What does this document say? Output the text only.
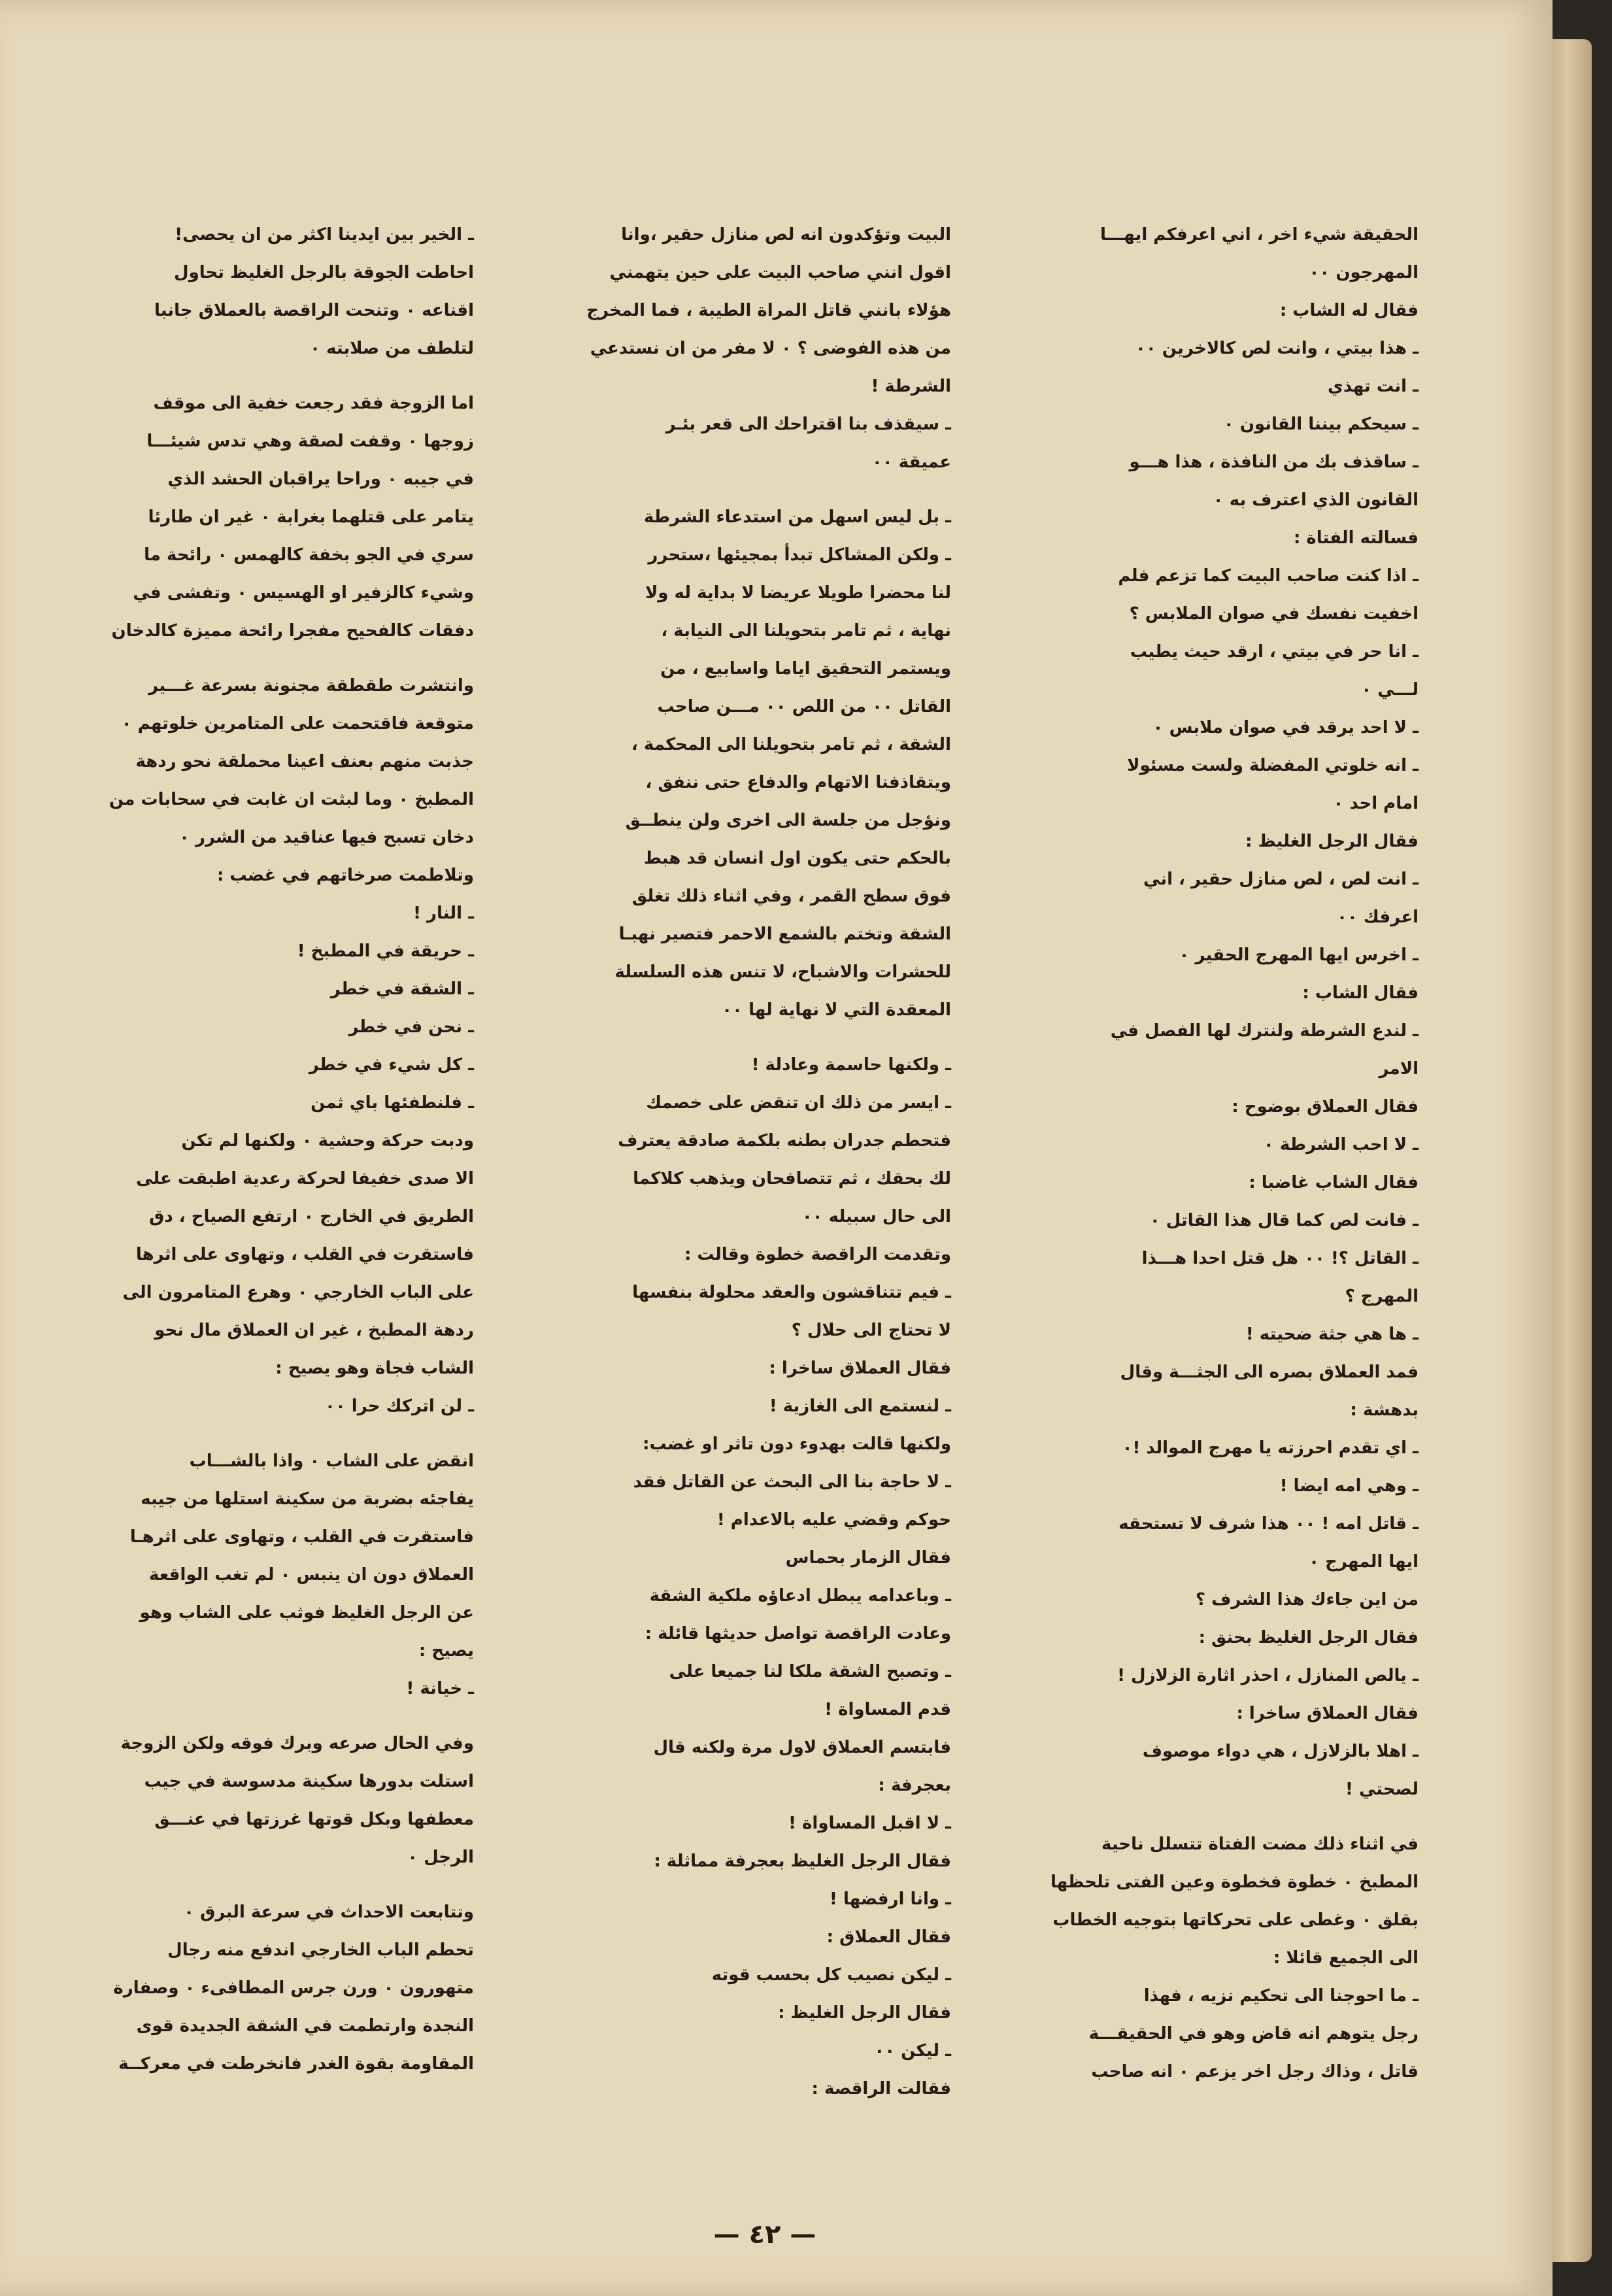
الحقيقة شيء اخر ، اني اعرفكم ايهـــا

المهرجون ٠٠

فقال له الشاب :

ـ هذا بيتي ، وانت لص كالاخرين ٠٠

ـ انت تهذي

ـ سيحكم بيننا القانون ٠

ـ ساقذف بك من النافذة ، هذا هـــو

القانون الذي اعترف به ٠

فسالته الفتاة :

ـ اذا كنت صاحب البيت كما تزعم فلم

اخفيت نفسك في صوان الملابس ؟

ـ انا حر في بيتي ، ارقد حيث يطيب

لـــي ٠

ـ لا احد يرقد في صوان ملابس ٠

ـ انه خلوتي المفضلة ولست مسئولا

امام احد ٠

فقال الرجل الغليظ :

ـ انت لص ، لص منازل حقير ، اني

اعرفك ٠٠

ـ اخرس ايها المهرج الحقير ٠

فقال الشاب :

ـ لندع الشرطة ولنترك لها الفصل في

الامر

فقال العملاق بوضوح :

ـ لا احب الشرطة ٠

فقال الشاب غاضبا :

ـ فانت لص كما قال هذا القاتل ٠

ـ القاتل ؟! ٠٠ هل قتل احدا هـــذا

المهرج ؟

ـ ها هي جثة ضحيته !

فمد العملاق بصره الى الجثـــة وقال

بدهشة :

ـ اي تقدم احرزته يا مهرج الموالد !٠

ـ وهي امه ايضا !

ـ قاتل امه ! ٠٠ هذا شرف لا تستحقه

ايها المهرج ٠

من اين جاءك هذا الشرف ؟

فقال الرجل الغليظ بحنق :

ـ يالص المنازل ، احذر اثارة الزلازل !

فقال العملاق ساخرا :

ـ اهلا بالزلازل ، هي دواء موصوف

لصحتي !

في اثناء ذلك مضت الفتاة تتسلل ناحية

المطبخ ٠ خطوة فخطوة وعين الفتى تلحظها

بقلق ٠ وغطى على تحركاتها بتوجيه الخطاب

الى الجميع قائلا :

ـ ما احوجنا الى تحكيم نزيه ، فهذا

رجل يتوهم انه قاض وهو في الحقيقـــة

قاتل ، وذاك رجل اخر يزعم ٠ انه صاحب

البيت وتؤكدون انه لص منازل حقير ،وانا

اقول انني صاحب البيت على حين يتهمني

هؤلاء بانني قاتل المراة الطيبة ، فما المخرج

من هذه الفوضى ؟ ٠ لا مفر من ان نستدعي

الشرطة !

ـ سيقذف بنا اقتراحك الى قعر بئـر

عميقة ٠٠

ـ بل ليس اسهل من استدعاء الشرطة

ـ ولكن المشاكل تبدأ بمجيئها ،ستحرر

لنا محضرا طويلا عريضا لا بداية له ولا

نهاية ، ثم تامر بتحويلنا الى النيابة ،

ويستمر التحقيق اياما واسابيع ، من

القاتل ٠٠ من اللص ٠٠ مـــن صاحب

الشقة ، ثم تامر بتحويلنا الى المحكمة ،

ويتقاذفنا الاتهام والدفاع حتى ننفق ،

ونؤجل من جلسة الى اخرى ولن ينطــق

بالحكم حتى يكون اول انسان قد هبط

فوق سطح القمر ، وفي اثناء ذلك تغلق

الشقة وتختم بالشمع الاحمر فتصير نهبـا

للحشرات والاشباح، لا تنس هذه السلسلة

المعقدة التي لا نهاية لها ٠٠

ـ ولكنها حاسمة وعادلة !

ـ ايسر من ذلك ان تنقض على خصمك

فتحطم جدران بطنه بلكمة صادقة يعترف

لك بحقك ، ثم تتصافحان ويذهب كلاكما

الى حال سبيله ٠٠

وتقدمت الراقصة خطوة وقالت :

ـ فيم تتناقشون والعقد محلولة بنفسها

لا تحتاج الى حلال ؟

فقال العملاق ساخرا :

ـ لنستمع الى الغازية !

ولكنها قالت بهدوء دون تاثر او غضب:

ـ لا حاجة بنا الى البحث عن القاتل فقد

حوكم وقضي عليه بالاعدام !

فقال الزمار بحماس

ـ وباعدامه يبطل ادعاؤه ملكية الشقة

وعادت الراقصة تواصل حديثها قائلة :

ـ وتصبح الشقة ملكا لنا جميعا على

قدم المساواة !

فابتسم العملاق لاول مرة ولكنه قال

بعجرفة :

ـ لا اقبل المساواة !

فقال الرجل الغليظ بعجرفة مماثلة :

ـ وانا ارفضها !

فقال العملاق :

ـ ليكن نصيب كل بحسب قوته

فقال الرجل الغليظ :

ـ ليكن ٠٠

فقالت الراقصة :

ـ الخير بين ايدينا اكثر من ان يحصى!

احاطت الجوقة بالرجل الغليظ تحاول

اقناعه ٠ وتنحت الراقصة بالعملاق جانبا

لتلطف من صلابته ٠

اما الزوجة فقد رجعت خفية الى موقف

زوجها ٠ وقفت لصقة وهي تدس شيئـــا

في جيبه ٠ وراحا يراقبان الحشد الذي

يتامر على قتلهما بغرابة ٠ غير ان طارئا

سري في الجو بخفة كالهمس ٠ رائحة ما

وشيء كالزفير او الهسيس ٠ وتفشى في

دفقات كالفحيح مفجرا رائحة مميزة كالدخان

وانتشرت طقطقة مجنونة بسرعة غـــير

متوقعة فاقتحمت على المتامرين خلوتهم ٠

جذبت منهم بعنف اعينا محملقة نحو ردهة

المطبخ ٠ وما لبثت ان غابت في سحابات من

دخان تسبح فيها عناقيد من الشرر ٠

وتلاطمت صرخاتهم في غضب :

ـ النار !

ـ حريقة في المطبخ !

ـ الشقة في خطر

ـ نحن في خطر

ـ كل شيء في خطر

ـ فلنطفئها باي ثمن

ودبت حركة وحشية ٠ ولكنها لم تكن

الا صدى خفيفا لحركة رعدية اطبقت على

الطريق في الخارج ٠ ارتفع الصياح ، دق

فاستقرت في القلب ، وتهاوى على اثرها

على الباب الخارجي ٠ وهرع المتامرون الى

ردهة المطبخ ، غير ان العملاق مال نحو

الشاب فجاة وهو يصيح :

ـ لن اتركك حرا ٠٠

انقض على الشاب ٠ واذا بالشـــاب

يفاجئه بضربة من سكينة استلها من جيبه

فاستقرت في القلب ، وتهاوى على اثرهـا

العملاق دون ان ينبس ٠ لم تغب الواقعة

عن الرجل الغليظ فوثب على الشاب وهو

يصيح :

ـ خيانة !

وفي الحال صرعه وبرك فوقه ولكن الزوجة

استلت بدورها سكينة مدسوسة في جيب

معطفها وبكل قوتها غرزتها في عنـــق

الرجل ٠

وتتابعت الاحداث في سرعة البرق ٠

تحطم الباب الخارجي اندفع منه رجال

متهورون ٠ ورن جرس المطافىء ٠ وصفارة

النجدة وارتطمت في الشقة الجديدة قوى

المقاومة بقوة الغدر فانخرطت في معركــة

— ٤٢ —
